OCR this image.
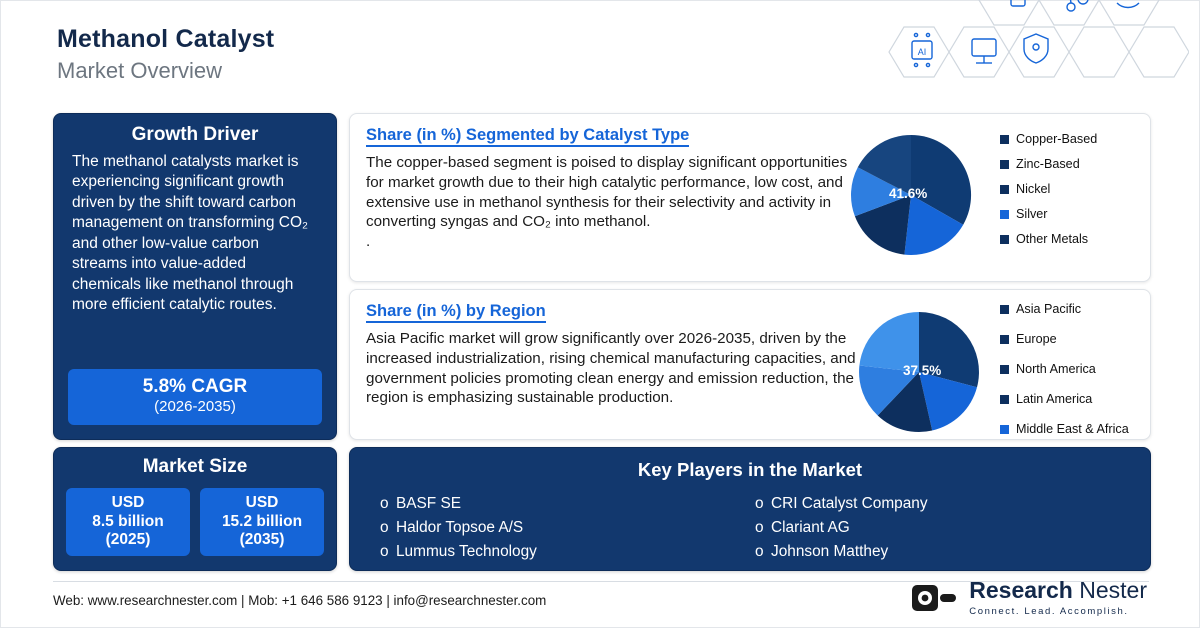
Methanol Catalyst
Market Overview
AI
Growth Driver
The methanol catalysts market is experiencing significant growth driven by the shift toward carbon management on transforming CO₂ and other low-value carbon streams into value-added chemicals like methanol through more efficient catalytic routes.
5.8% CAGR
(2026-2035)
Market Size
USD
8.5 billion
(2025)
USD
15.2 billion
(2035)
Share (in %) Segmented by Catalyst Type
The copper-based segment is poised to display significant opportunities for market growth due to their high catalytic performance, low cost, and extensive use in methanol synthesis for their selectivity and activity in converting syngas and CO₂ into methanol.
.
41.6%
Copper-Based
Zinc-Based
Nickel
Silver
Other Metals
Share (in %) by Region
Asia Pacific market will grow significantly over 2026-2035, driven by the increased industrialization, rising chemical manufacturing capacities, and government policies promoting clean energy and emission reduction, the region is emphasizing sustainable production.
37.5%
Asia Pacific
Europe
North America
Latin America
Middle East & Africa
Key Players in the Market
o BASF SE
o Haldor Topsoe A/S
o Lummus Technology
o CRI Catalyst Company
o Clariant AG
o Johnson Matthey
Web: www.researchnester.com | Mob: +1 646 586 9123 | info@researchnester.com	Research Nester
Connect. Lead. Accomplish.
